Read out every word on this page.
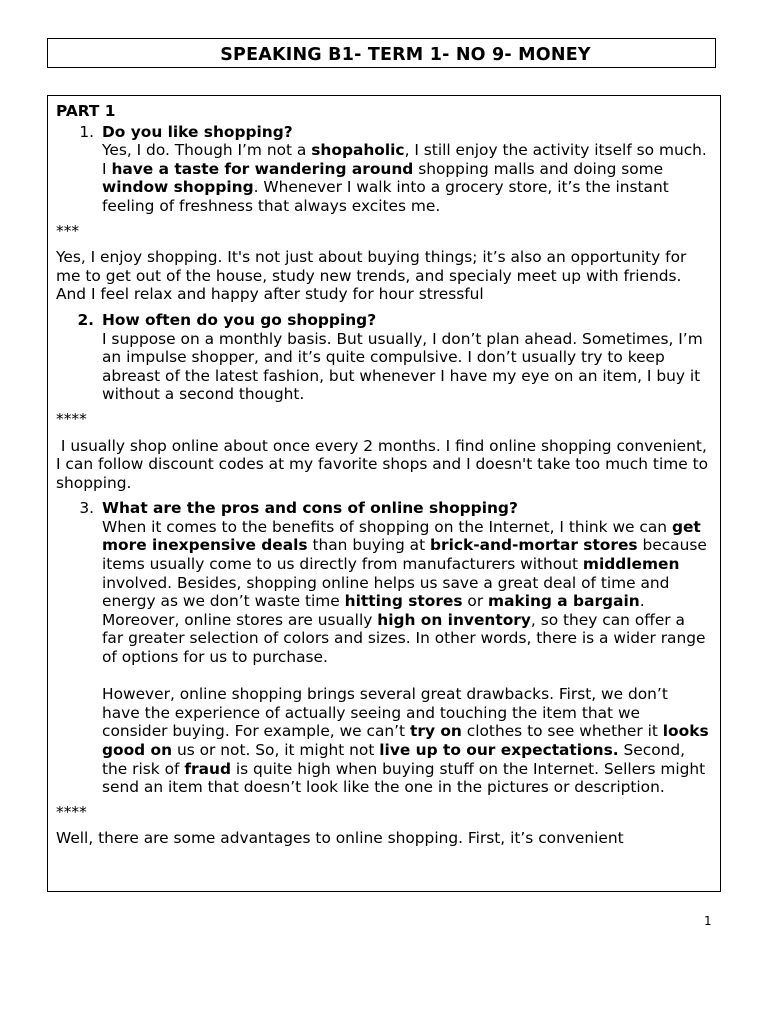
SPEAKING B1- TERM 1- NO 9- MONEY
PART 1
1. Do you like shopping?
Yes, I do. Though I’m not a shopaholic, I still enjoy the activity itself so much. I have a taste for wandering around shopping malls and doing some window shopping. Whenever I walk into a grocery store, it’s the instant feeling of freshness that always excites me.
***
Yes, I enjoy shopping. It's not just about buying things; it’s also an opportunity for me to get out of the house, study new trends, and specialy meet up with friends. And I feel relax and happy after study for hour stressful
2. How often do you go shopping?
I suppose on a monthly basis. But usually, I don’t plan ahead. Sometimes, I’m an impulse shopper, and it’s quite compulsive. I don’t usually try to keep abreast of the latest fashion, but whenever I have my eye on an item, I buy it without a second thought.
****
I usually shop online about once every 2 months. I find online shopping convenient, I can follow discount codes at my favorite shops and I doesn't take too much time to shopping.
3. What are the pros and cons of online shopping?
When it comes to the benefits of shopping on the Internet, I think we can get more inexpensive deals than buying at brick-and-mortar stores because items usually come to us directly from manufacturers without middlemen involved. Besides, shopping online helps us save a great deal of time and energy as we don’t waste time hitting stores or making a bargain. Moreover, online stores are usually high on inventory, so they can offer a far greater selection of colors and sizes. In other words, there is a wider range of options for us to purchase.
However, online shopping brings several great drawbacks. First, we don’t have the experience of actually seeing and touching the item that we consider buying. For example, we can’t try on clothes to see whether it looks good on us or not. So, it might not live up to our expectations. Second,  the risk of fraud is quite high when buying stuff on the Internet. Sellers might send an item that doesn’t look like the one in the pictures or description.
****
Well, there are some advantages to online shopping. First, it’s convenient
1
